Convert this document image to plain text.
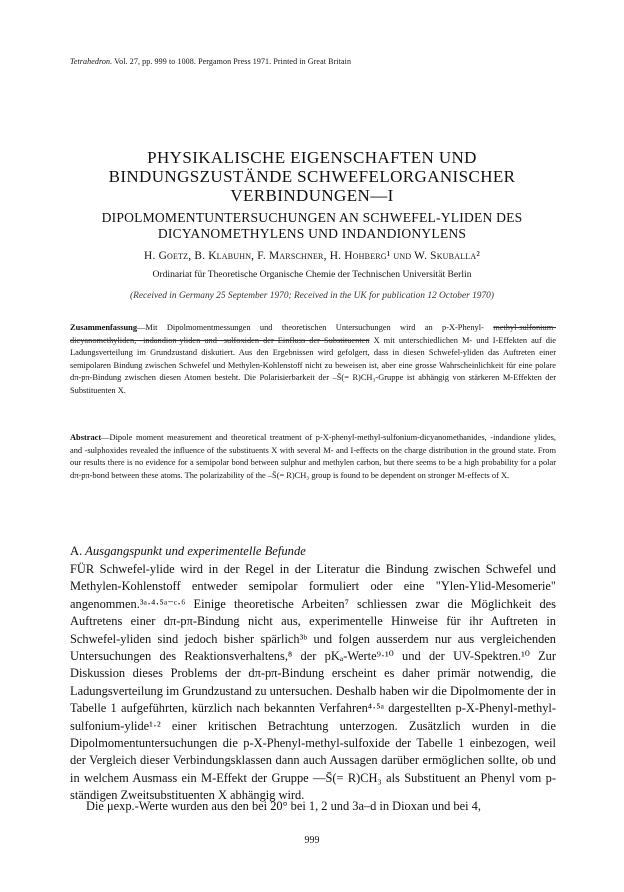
Tetrahedron. Vol. 27, pp. 999 to 1008. Pergamon Press 1971. Printed in Great Britain
PHYSIKALISCHE EIGENSCHAFTEN UND
BINDUNGSZUSTÄNDE SCHWEFELORGANISCHER
VERBINDUNGEN—I
DIPOLMOMENTUNTERSUCHUNGEN AN SCHWEFEL-YLIDEN DES
DICYANOMETHYLENS UND INDANDIONYLENS
H. Goetz, B. Klabuhn, F. Marschner, H. Hohberg¹ und W. Skuballa²
Ordinariat für Theoretische Organische Chemie der Technischen Universität Berlin
(Received in Germany 25 September 1970; Received in the UK for publication 12 October 1970)
Zusammenfassung—Mit Dipolmomentmessungen und theoretischen Untersuchungen wird an p-X-Phenyl- methyl-sulfonium-dicyanomethyliden, -indandion-yliden und -sulfoxiden der Einfluss der Substituenten X mit unterschiedlichen M- und I-Effekten auf die Ladungsverteilung im Grundzustand diskutiert. Aus den Ergebnissen wird gefolgert, dass in diesen Schwefel-yliden das Auftreten einer semipolaren Bindung zwischen Schwefel und Methylen-Kohlenstoff nicht zu beweisen ist, aber eine grosse Wahrscheinlichkeit für eine polare dπ-pπ-Bindung zwischen diesen Atomen besteht. Die Polarisierbarkeit der –S̄(= R)CH₃-Gruppe ist abhängig von stärkeren M-Effekten der Substituenten X.
Abstract—Dipole moment measurement and theoretical treatment of p-X-phenyl-methyl-sulfonium-dicyanomethanides, -indandione ylides, and -sulphoxides revealed the influence of the substituents X with several M- and I-effects on the charge distribution in the ground state. From our results there is no evidence for a semipolar bond between sulphur and methylen carbon, but there seems to be a high probability for a polar dπ-pπ-bond between these atoms. The polarizability of the –S̄(= R)CH₃ group is found to be dependent on stronger M-effects of X.
A. Ausgangspunkt und experimentelle Befunde
FÜR Schwefel-ylide wird in der Regel in der Literatur die Bindung zwischen Schwefel und Methylen-Kohlenstoff entweder semipolar formuliert oder eine "Ylen-Ylid-Mesomerie" angenommen.³ᵃ·⁴·⁵ᵃ⁻ᶜ·⁶ Einige theoretische Arbeiten⁷ schliessen zwar die Möglichkeit des Auftretens einer dπ-pπ-Bindung nicht aus, experimentelle Hinweise für ihr Auftreten in Schwefel-yliden sind jedoch bisher spärlich³ᵇ und folgen ausserdem nur aus vergleichenden Untersuchungen des Reaktionsverhaltens,⁸ der pKₐ-Werte⁹·¹⁰ und der UV-Spektren.¹⁰ Zur Diskussion dieses Problems der dπ-pπ-Bindung erscheint es daher primär notwendig, die Ladungsverteilung im Grundzustand zu untersuchen. Deshalb haben wir die Dipolmomente der in Tabelle 1 aufgeführten, kürzlich nach bekannten Verfahren⁴·⁵ᵃ dargestellten p-X-Phenyl-methyl-sulfonium-ylide¹·² einer kritischen Betrachtung unterzogen. Zusätzlich wurden in die Dipolmomentuntersuchungen die p-X-Phenyl-methyl-sulfoxide der Tabelle 1 einbezogen, weil der Vergleich dieser Verbindungsklassen dann auch Aussagen darüber ermöglichen sollte, ob und in welchem Ausmass ein M-Effekt der Gruppe —S̄(= R)CH₃ als Substituent an Phenyl vom p-ständigen Zweitsubstituenten X abhängig wird.
Die μexp.-Werte wurden aus den bei 20° bei 1, 2 und 3a–d in Dioxan und bei 4,
999
